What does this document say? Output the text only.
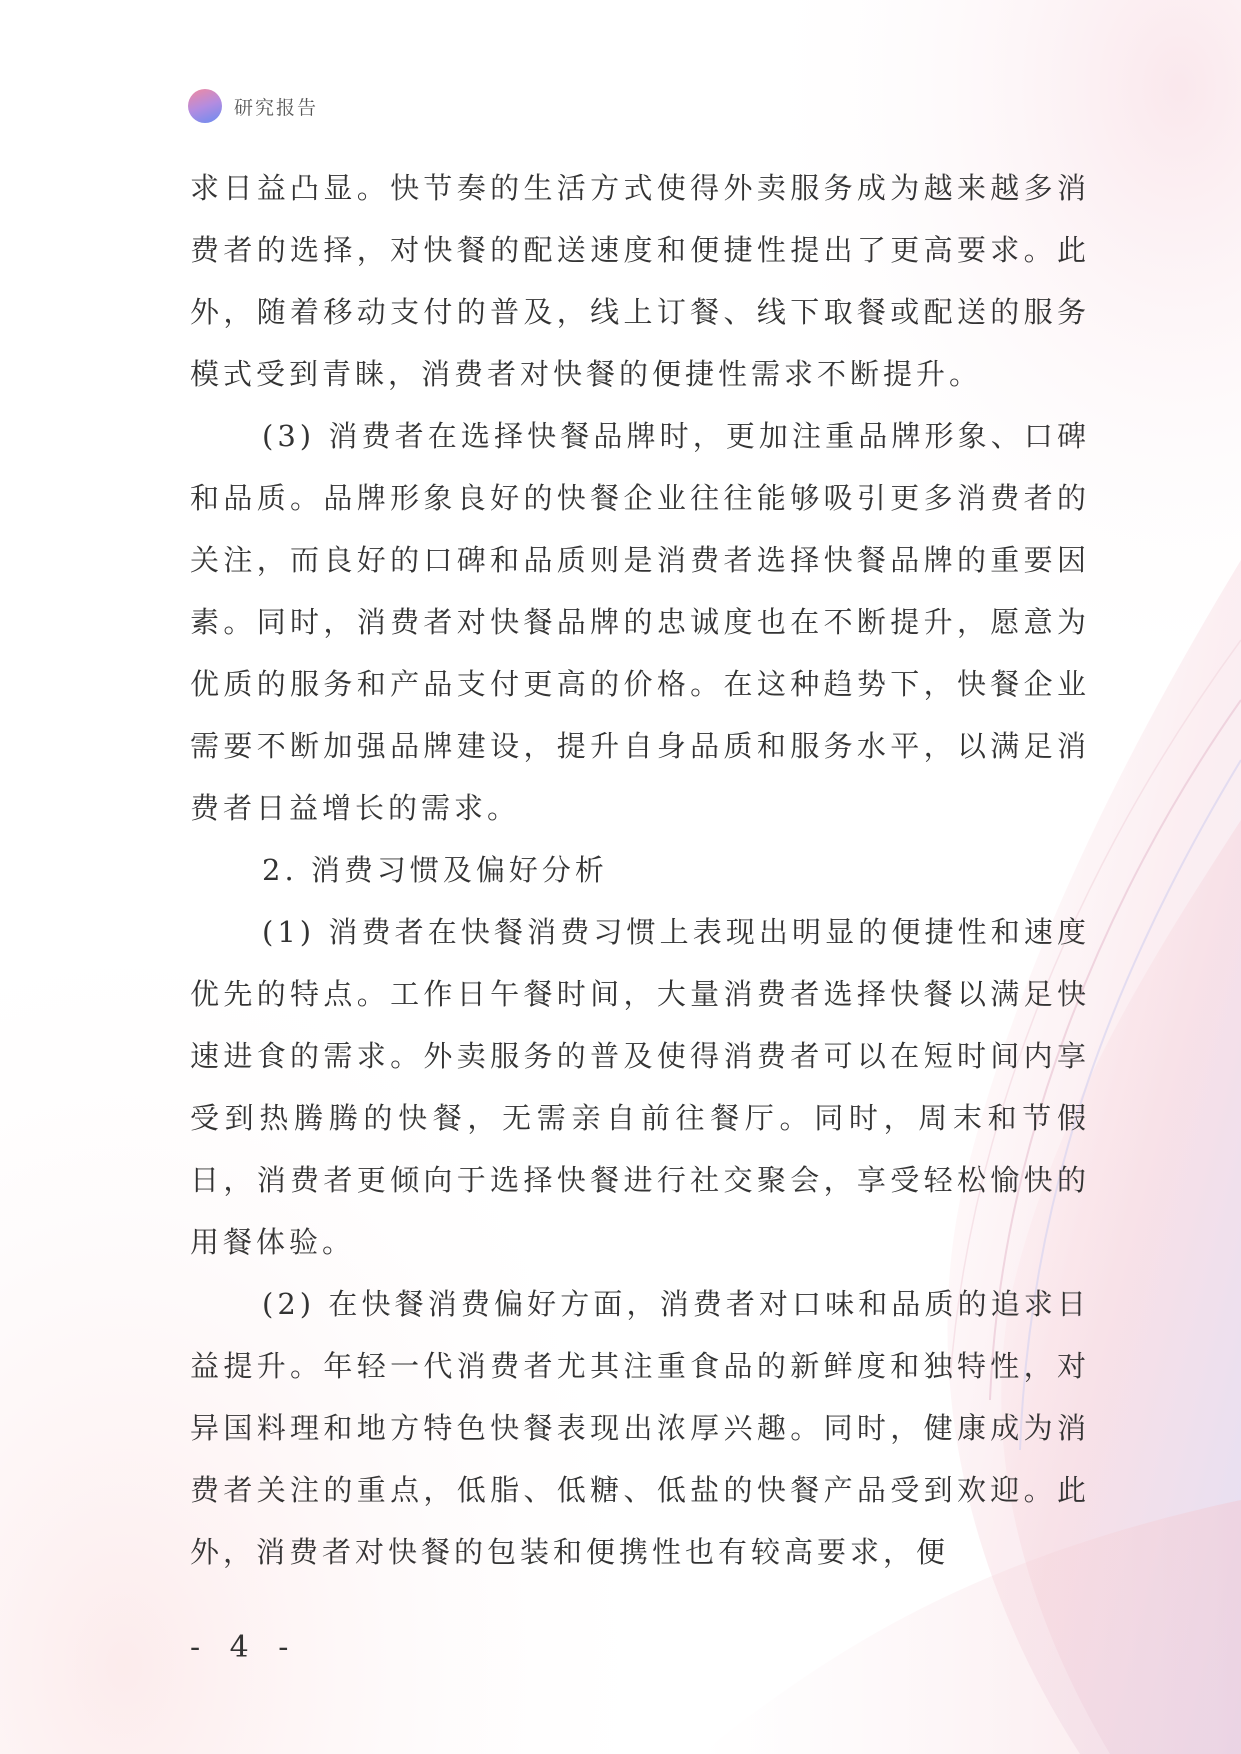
研究报告

求日益凸显。快节奏的生活方式使得外卖服务成为越来越多消费者的选择，对快餐的配送速度和便捷性提出了更高要求。此外，随着移动支付的普及，线上订餐、线下取餐或配送的服务模式受到青睐，消费者对快餐的便捷性需求不断提升。

(3) 消费者在选择快餐品牌时，更加注重品牌形象、口碑和品质。品牌形象良好的快餐企业往往能够吸引更多消费者的关注，而良好的口碑和品质则是消费者选择快餐品牌的重要因素。同时，消费者对快餐品牌的忠诚度也在不断提升，愿意为优质的服务和产品支付更高的价格。在这种趋势下，快餐企业需要不断加强品牌建设，提升自身品质和服务水平，以满足消费者日益增长的需求。

2. 消费习惯及偏好分析

(1) 消费者在快餐消费习惯上表现出明显的便捷性和速度优先的特点。工作日午餐时间，大量消费者选择快餐以满足快速进食的需求。外卖服务的普及使得消费者可以在短时间内享受到热腾腾的快餐，无需亲自前往餐厅。同时，周末和节假日，消费者更倾向于选择快餐进行社交聚会，享受轻松愉快的用餐体验。

(2) 在快餐消费偏好方面，消费者对口味和品质的追求日益提升。年轻一代消费者尤其注重食品的新鲜度和独特性，对异国料理和地方特色快餐表现出浓厚兴趣。同时，健康成为消费者关注的重点，低脂、低糖、低盐的快餐产品受到欢迎。此外，消费者对快餐的包装和便携性也有较高要求，便

- 4 -
